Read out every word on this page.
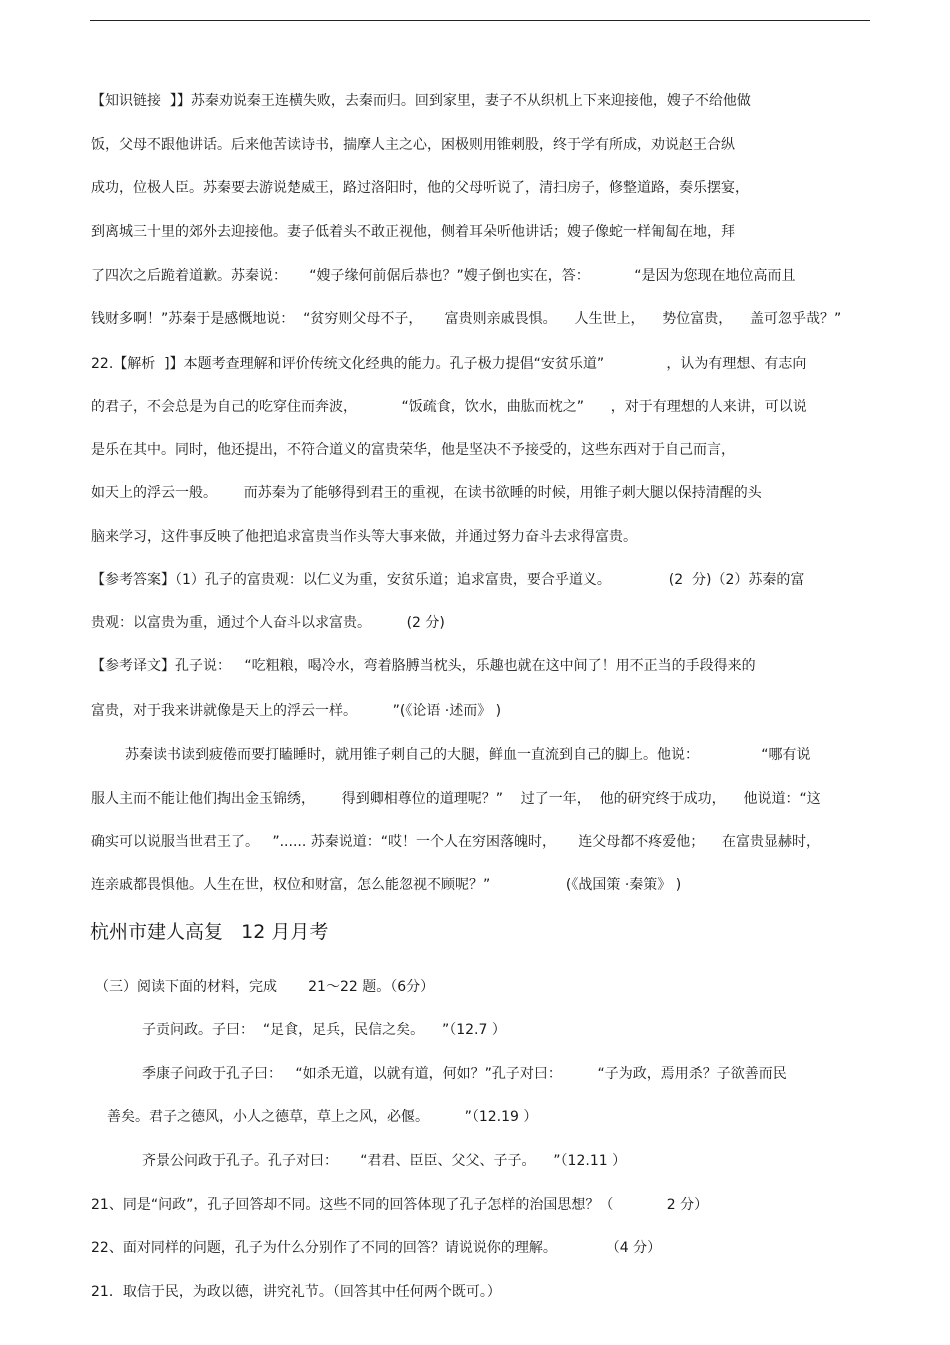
【知识链接  】】苏秦劝说秦王连横失败，去秦而归。回到家里，妻子不从织机上下来迎接他，嫂子不给他做
饭，父母不跟他讲话。后来他苦读诗书，揣摩人主之心，困极则用锥刺股，终于学有所成，劝说赵王合纵
成功，位极人臣。苏秦要去游说楚威王，路过洛阳时，他的父母听说了，清扫房子，修整道路，奏乐摆宴，
到离城三十里的郊外去迎接他。妻子低着头不敢正视他，侧着耳朵听他讲话；嫂子像蛇一样匍匐在地，拜
了四次之后跪着道歉。苏秦说：     “嫂子缘何前倨后恭也？”嫂子倒也实在，答：          “是因为您现在地位高而且
钱财多啊！”苏秦于是感慨地说：  “贫穷则父母不子，     富贵则亲戚畏惧。    人生世上，    势位富贵，    盖可忽乎哉？”
22.【解析  ]】本题考查理解和评价传统文化经典的能力。孔子极力提倡“安贫乐道”              ，认为有理想、有志向
的君子，不会总是为自己的吃穿住而奔波，          “饭疏食，饮水，曲肱而枕之”      ，对于有理想的人来讲，可以说
是乐在其中。同时，他还提出，不符合道义的富贵荣华，他是坚决不予接受的，这些东西对于自己而言，
如天上的浮云一般。      而苏秦为了能够得到君王的重视，在读书欲睡的时候，用锥子刺大腿以保持清醒的头
脑来学习，这件事反映了他把追求富贵当作头等大事来做，并通过努力奋斗去求得富贵。
【参考答案】（1）孔子的富贵观：以仁义为重，安贫乐道；追求富贵，要合乎道义。             (2  分)（2）苏秦的富
贵观：以富贵为重，通过个人奋斗以求富贵。        (2 分)
【参考译文】孔子说：   “吃粗粮，喝冷水，弯着胳膊当枕头，乐趣也就在这中间了！用不正当的手段得来的
富贵，对于我来讲就像是天上的浮云一样。        ”(《论语 ·述而》 )
苏秦读书读到疲倦而要打瞌睡时，就用锥子刺自己的大腿，鲜血一直流到自己的脚上。他说：              “哪有说
服人主而不能让他们掏出金玉锦绣，      得到卿相尊位的道理呢？”    过了一年，  他的研究终于成功，    他说道：“这
确实可以说服当世君王了。   ”...... 苏秦说道：“哎！一个人在穷困落魄时，     连父母都不疼爱他；    在富贵显赫时，
连亲戚都畏惧他。人生在世，权位和财富，怎么能忽视不顾呢？”                 (《战国策 ·秦策》 )
杭州市建人高复   12 月月考
（三）阅读下面的材料，完成       21～22 题。（6分）
子贡问政。子曰：  “足食，足兵，民信之矣。    ”（12.7 ）
季康子问政于孔子曰：   “如杀无道，以就有道，何如？”孔子对曰：        “子为政，焉用杀？子欲善而民
善矣。君子之德风，小人之德草，草上之风，必偃。        ”（12.19 ）
齐景公问政于孔子。孔子对曰：     “君君、臣臣、父父、子子。    ”（12.11 ）
21、同是“问政”，孔子回答却不同。这些不同的回答体现了孔子怎样的治国思想？（            2 分）
22、面对同样的问题，孔子为什么分别作了不同的回答？请说说你的理解。           （4 分）
21．取信于民，为政以德，讲究礼节。（回答其中任何两个既可。）
